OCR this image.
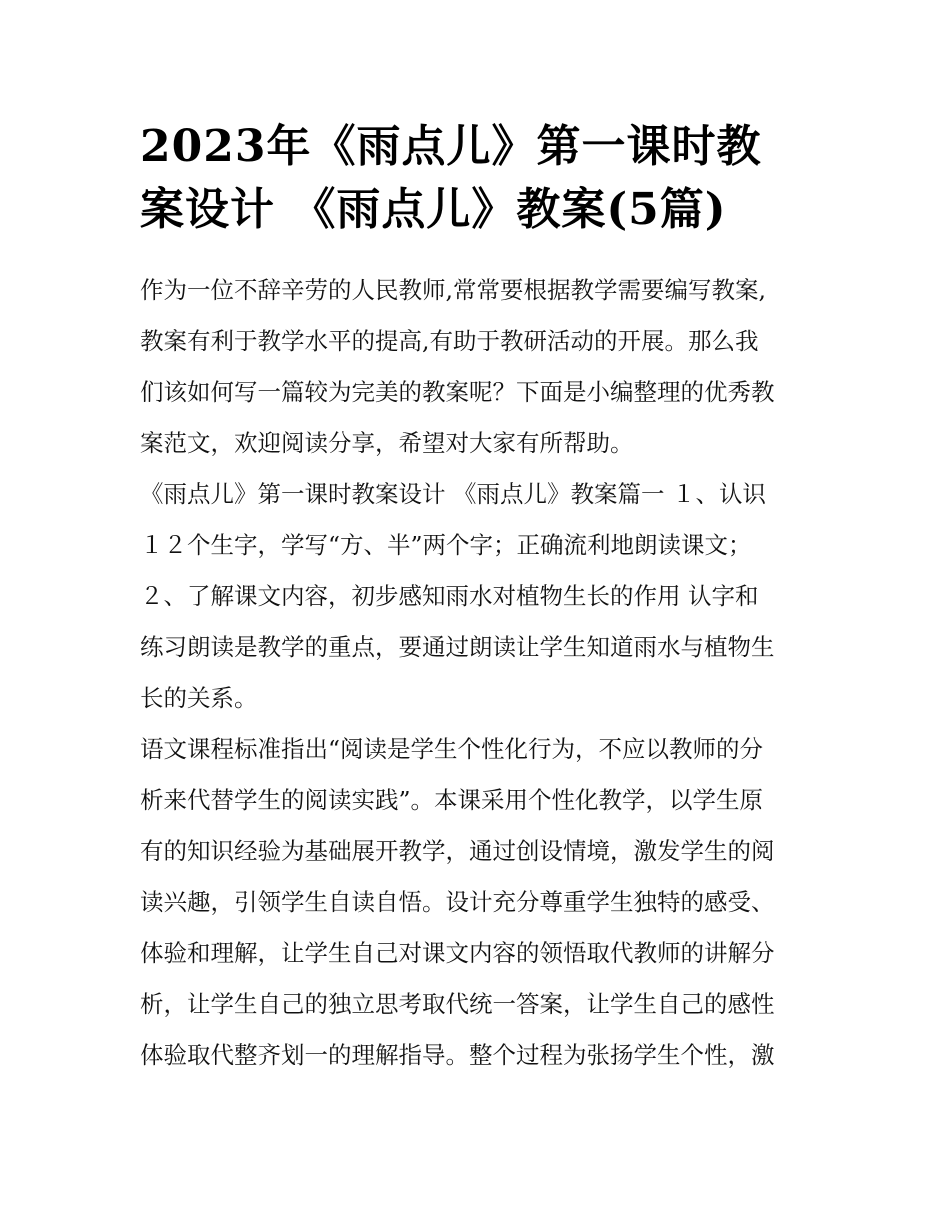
2023年《雨点儿》第一课时教
案设计 《雨点儿》教案(5篇)
作为一位不辞辛劳的人民教师,常常要根据教学需要编写教案,
教案有利于教学水平的提高,有助于教研活动的开展。那么我
们该如何写一篇较为完美的教案呢？下面是小编整理的优秀教
案范文，欢迎阅读分享，希望对大家有所帮助。
《雨点儿》第一课时教案设计 《雨点儿》教案篇一 １、认识
１２个生字，学写“方、半”两个字；正确流利地朗读课文；
２、了解课文内容，初步感知雨水对植物生长的作用 认字和
练习朗读是教学的重点，要通过朗读让学生知道雨水与植物生
长的关系。
语文课程标准指出“阅读是学生个性化行为，不应以教师的分
析来代替学生的阅读实践”。本课采用个性化教学，以学生原
有的知识经验为基础展开教学，通过创设情境，激发学生的阅
读兴趣，引领学生自读自悟。设计充分尊重学生独特的感受、
体验和理解，让学生自己对课文内容的领悟取代教师的讲解分
析，让学生自己的独立思考取代统一答案，让学生自己的感性
体验取代整齐划一的理解指导。整个过程为张扬学生个性，激
